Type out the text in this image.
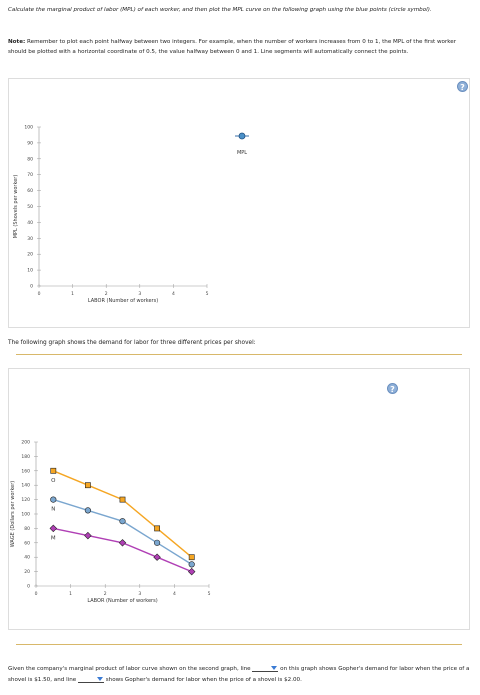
Calculate the marginal product of labor (MPL) of each worker, and then plot the MPL curve on the following graph using the blue points (circle symbol).
Note: Remember to plot each point halfway between two integers. For example, when the number of workers increases from 0 to 1, the MPL of the first worker should be plotted with a horizontal coordinate of 0.5, the value halfway between 0 and 1. Line segments will automatically connect the points.
?
100
90
80
70
60
50
40
30
20
10
0
0	1	2	3	4	5
LABOR (Number of workers)
MPL (Shovels per worker)
MPL
The following graph shows the demand for labor for three different prices per shovel:
?
200
180
160
140
120
100
80
60
40
20
0
0	1	2	3	4	5
LABOR (Number of workers)
WAGE (Dollars per worker)	O
N
M
Given the company's marginal product of labor curve shown on the second graph, line	on this graph shows Gopher's demand for labor when the price of a shovel is $1.50, and line	shows Gopher's demand for labor when the price of a shovel is $2.00.
